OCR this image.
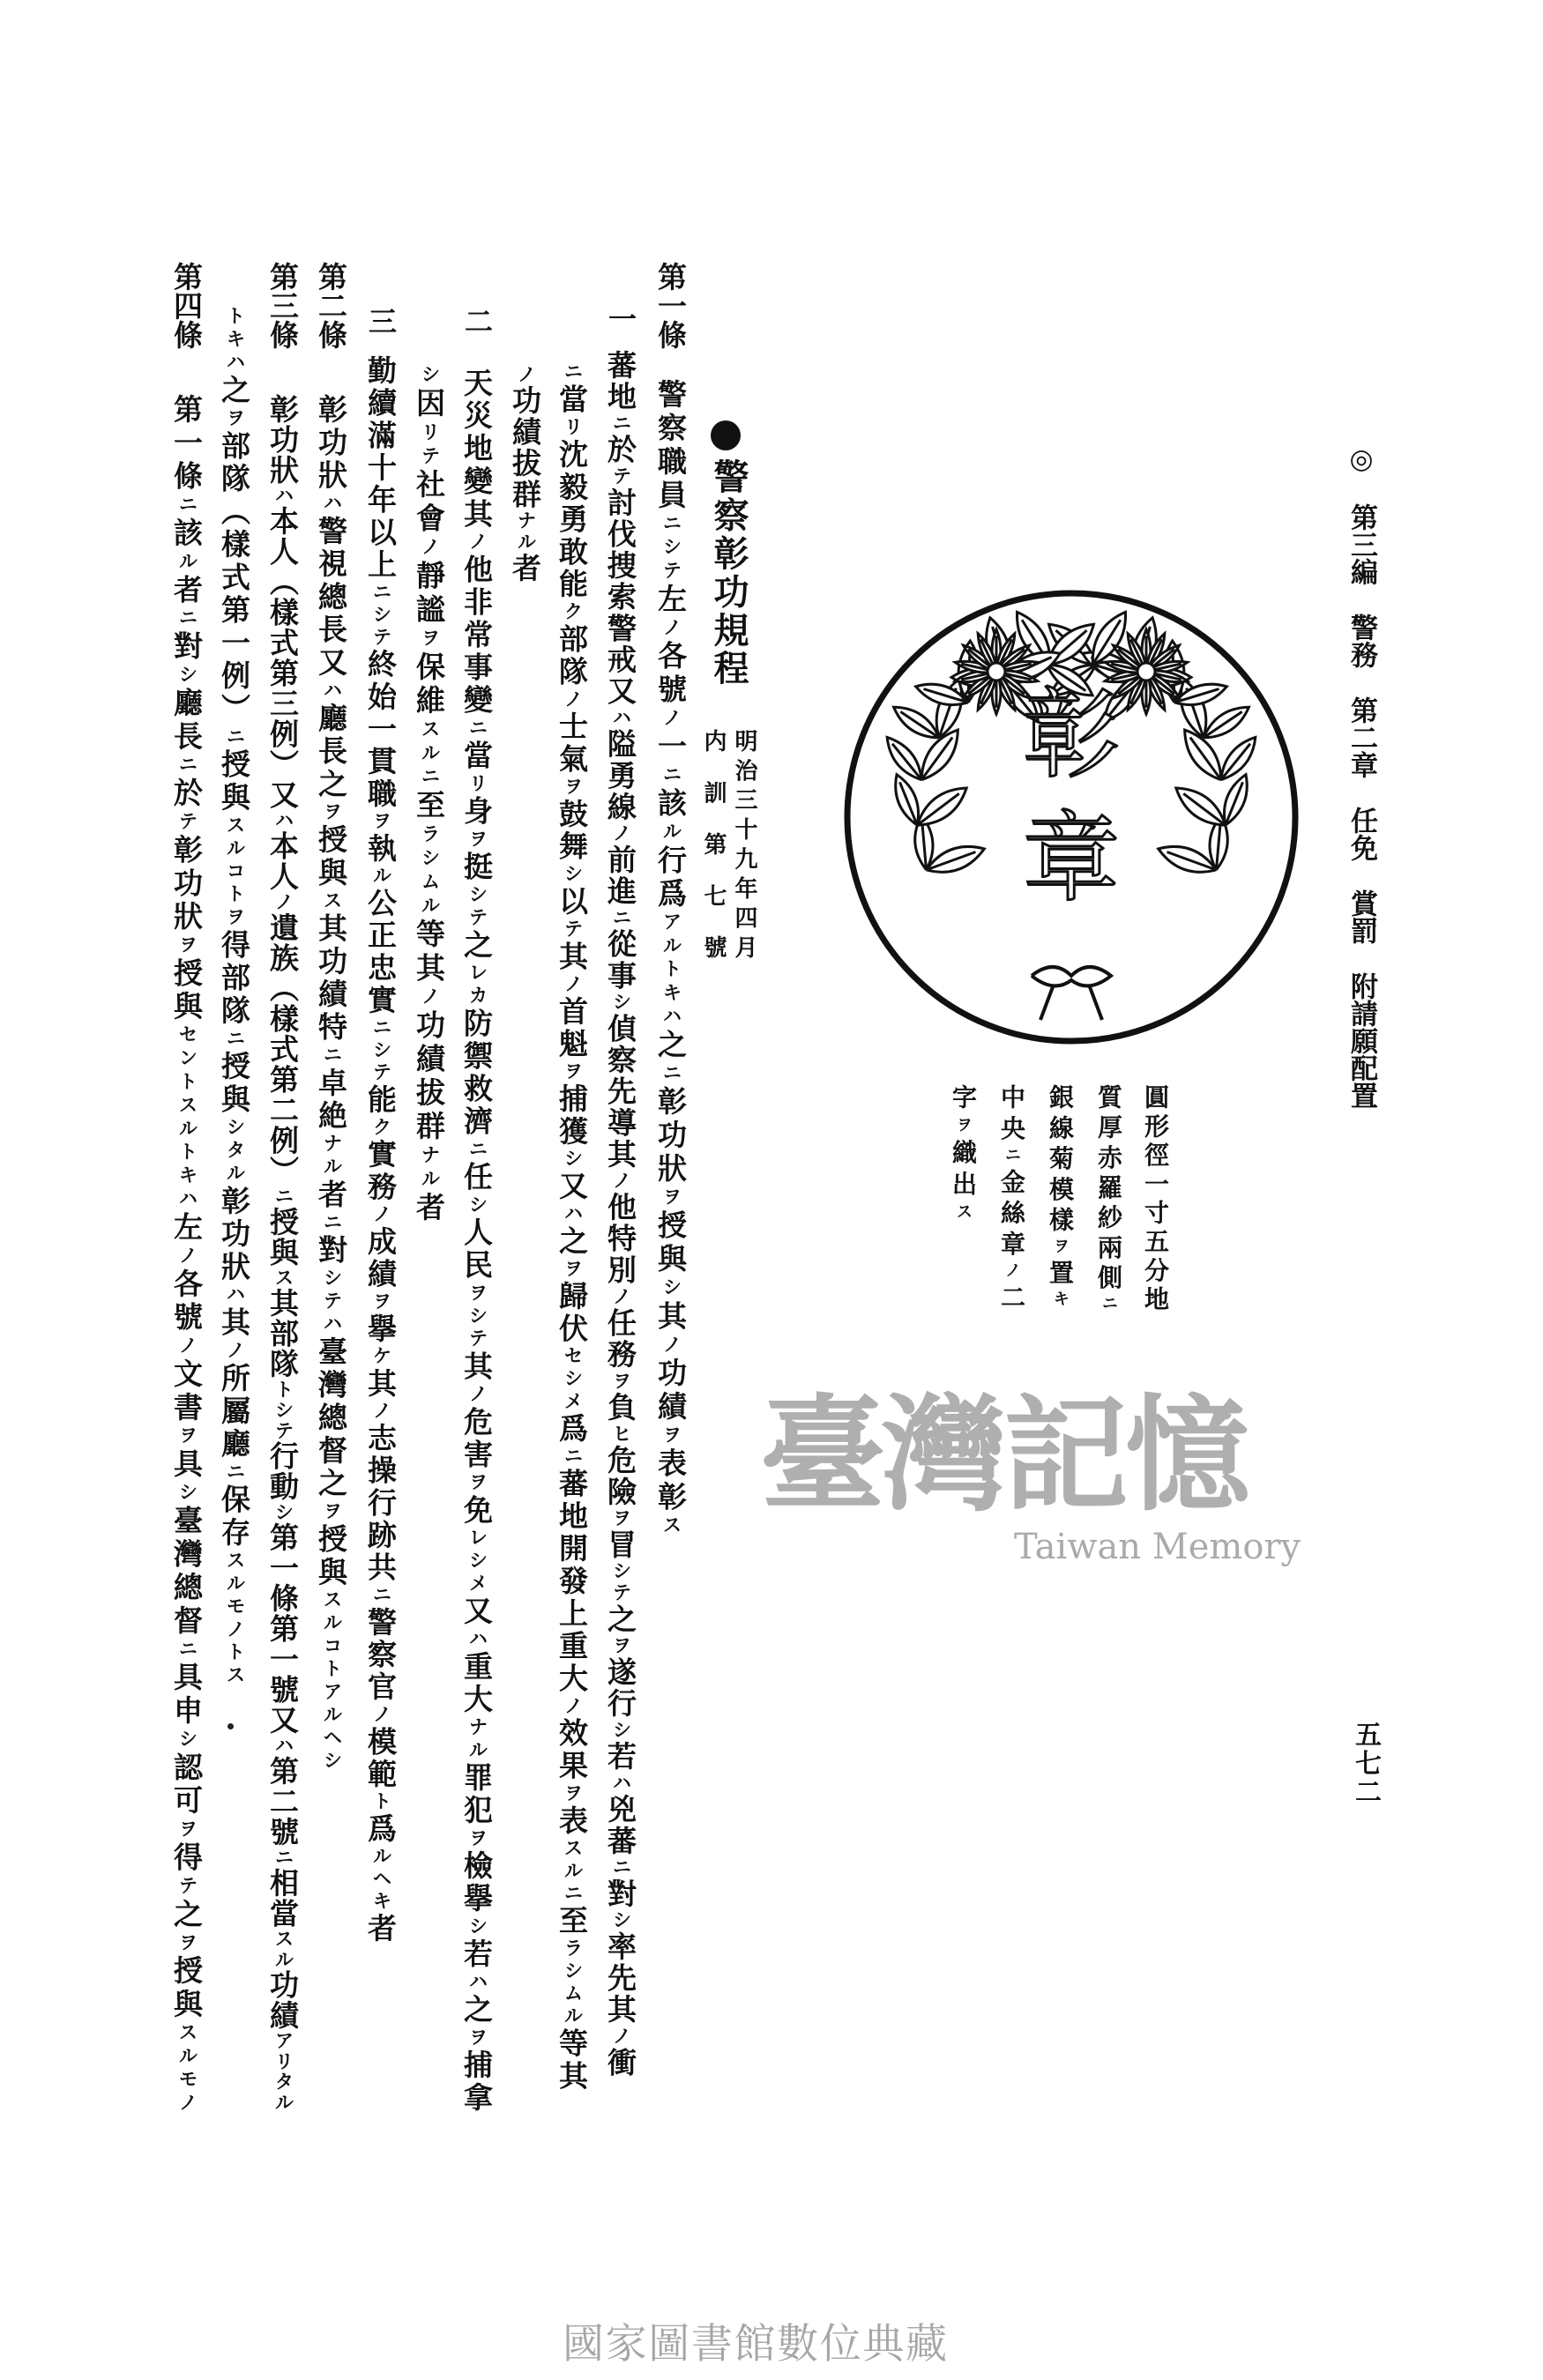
◎第三編警務第二章任免賞罰附請願配置
五七二
彰
章
圓形徑一寸五分地
質厚赤羅紗兩側ニ
銀線菊模樣ヲ置キ
中央ニ金絲章ノ二
字ヲ織出ス
臺灣記憶
Taiwan Memory
警察彰功規程
明治三十九年四月
内訓第七號
第一條
警察職員ニシテ左ノ各號ノ一ニ該ル行爲アルトキハ之ニ彰功狀ヲ授與シ其ノ功績ヲ表彰ス
一
蕃地ニ於テ討伐捜索警戒又ハ隘勇線ノ前進ニ從事シ偵察先導其ノ他特別ノ任務ヲ負ヒ危險ヲ冒シテ之ヲ遂行シ若ハ兇蕃ニ對シ率先其ノ衝
ニ當リ沈毅勇敢能ク部隊ノ士氣ヲ鼓舞シ以テ其ノ首魁ヲ捕獲シ又ハ之ヲ歸伏セシメ爲ニ蕃地開發上重大ノ效果ヲ表スルニ至ラシムル等其
ノ功績拔群ナル者
二
天災地變其ノ他非常事變ニ當リ身ヲ挺シテ之レカ防禦救濟ニ任シ人民ヲシテ其ノ危害ヲ免レシメ又ハ重大ナル罪犯ヲ檢擧シ若ハ之ヲ捕拿
シ因リテ社會ノ靜謐ヲ保維スルニ至ラシムル等其ノ功績拔群ナル者
三
勤續滿十年以上ニシテ終始一貫職ヲ執ル公正忠實ニシテ能ク實務ノ成績ヲ擧ケ其ノ志操行跡共ニ警察官ノ模範ト爲ルヘキ者
第二條
彰功狀ハ警視總長又ハ廳長之ヲ授與ス其功績特ニ卓絶ナル者ニ對シテハ臺灣總督之ヲ授與スルコトアルヘシ
第三條
彰功狀ハ本人（樣式第三例）又ハ本人ノ遺族（樣式第二例）ニ授與ス其部隊トシテ行動シ第一條第一號又ハ第二號ニ相當スル功績アリタル
トキハ之ヲ部隊（樣式第一例）ニ授與スルコトヲ得部隊ニ授與シタル彰功狀ハ其ノ所屬廳ニ保存スルモノトス
第四條
第一條ニ該ル者ニ對シ廳長ニ於テ彰功狀ヲ授與セントスルトキハ左ノ各號ノ文書ヲ具シ臺灣總督ニ具申シ認可ヲ得テ之ヲ授與スルモノ
國家圖書館數位典藏
